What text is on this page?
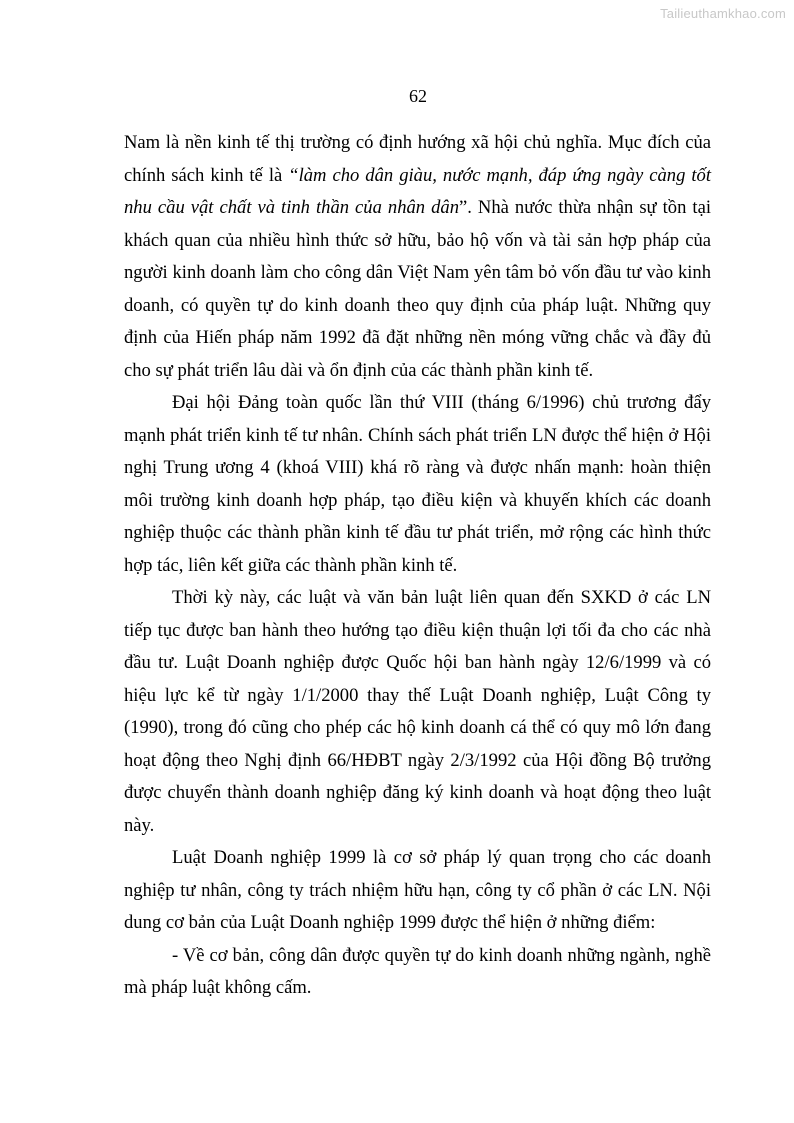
Tailieuthamkhao.com
62

Nam là nền kinh tế thị trường có định hướng xã hội chủ nghĩa. Mục đích của chính sách kinh tế là “làm cho dân giàu, nước mạnh, đáp ứng ngày càng tốt nhu cầu vật chất và tinh thần của nhân dân”. Nhà nước thừa nhận sự tồn tại khách quan của nhiều hình thức sở hữu, bảo hộ vốn và tài sản hợp pháp của người kinh doanh làm cho công dân Việt Nam yên tâm bỏ vốn đầu tư vào kinh doanh, có quyền tự do kinh doanh theo quy định của pháp luật. Những quy định của Hiến pháp năm 1992 đã đặt những nền móng vững chắc và đầy đủ cho sự phát triển lâu dài và ổn định của các thành phần kinh tế.

Đại hội Đảng toàn quốc lần thứ VIII (tháng 6/1996) chủ trương đẩy mạnh phát triển kinh tế tư nhân. Chính sách phát triển LN được thể hiện ở Hội nghị Trung ương 4 (khoá VIII) khá rõ ràng và được nhấn mạnh: hoàn thiện môi trường kinh doanh hợp pháp, tạo điều kiện và khuyến khích các doanh nghiệp thuộc các thành phần kinh tế đầu tư phát triển, mở rộng các hình thức hợp tác, liên kết giữa các thành phần kinh tế.

Thời kỳ này, các luật và văn bản luật liên quan đến SXKD ở các LN tiếp tục được ban hành theo hướng tạo điều kiện thuận lợi tối đa cho các nhà đầu tư. Luật Doanh nghiệp được Quốc hội ban hành ngày 12/6/1999 và có hiệu lực kể từ ngày 1/1/2000 thay thế Luật Doanh nghiệp, Luật Công ty (1990), trong đó cũng cho phép các hộ kinh doanh cá thể có quy mô lớn đang hoạt động theo Nghị định 66/HĐBT ngày 2/3/1992 của Hội đồng Bộ trưởng được chuyển thành doanh nghiệp đăng ký kinh doanh và hoạt động theo luật này.

Luật Doanh nghiệp 1999 là cơ sở pháp lý quan trọng cho các doanh nghiệp tư nhân, công ty trách nhiệm hữu hạn, công ty cổ phần ở các LN. Nội dung cơ bản của Luật Doanh nghiệp 1999 được thể hiện ở những điểm:

- Về cơ bản, công dân được quyền tự do kinh doanh những ngành, nghề mà pháp luật không cấm.
